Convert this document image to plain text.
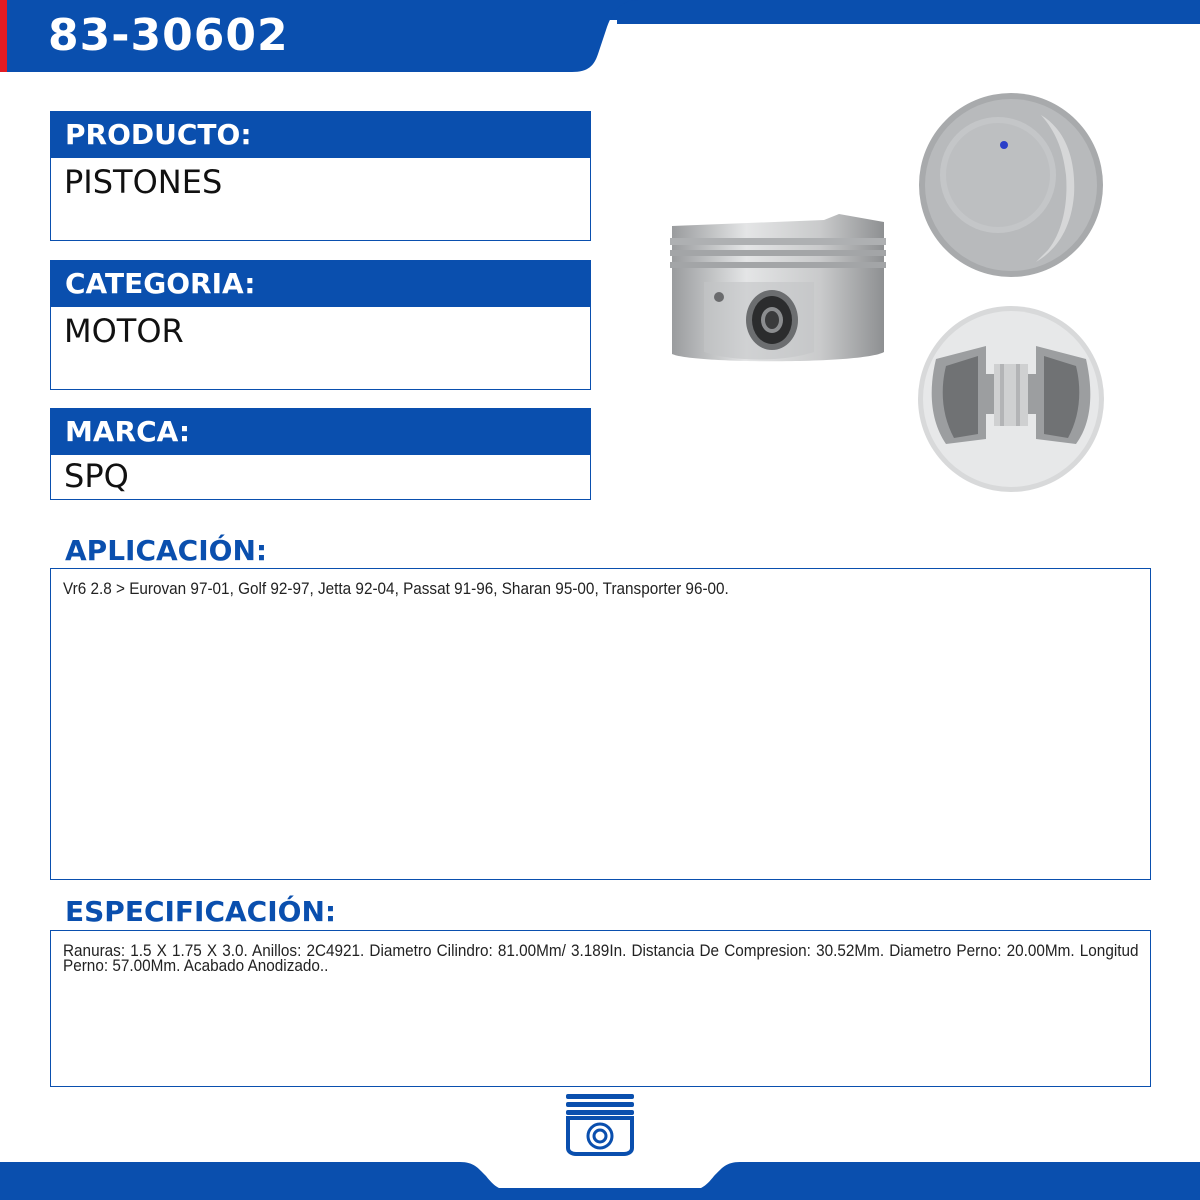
83-30602
PRODUCTO:
PISTONES
CATEGORIA:
MOTOR
MARCA:
SPQ
APLICACIÓN:
Vr6 2.8 > Eurovan 97-01, Golf 92-97, Jetta 92-04, Passat 91-96, Sharan 95-00, Transporter 96-00.
ESPECIFICACIÓN:
Ranuras: 1.5 X 1.75 X 3.0. Anillos: 2C4921. Diametro Cilindro: 81.00Mm/ 3.189In. Distancia De Compresion: 30.52Mm. Diametro Perno: 20.00Mm. Longitud Perno: 57.00Mm. Acabado Anodizado..
MOTOR
